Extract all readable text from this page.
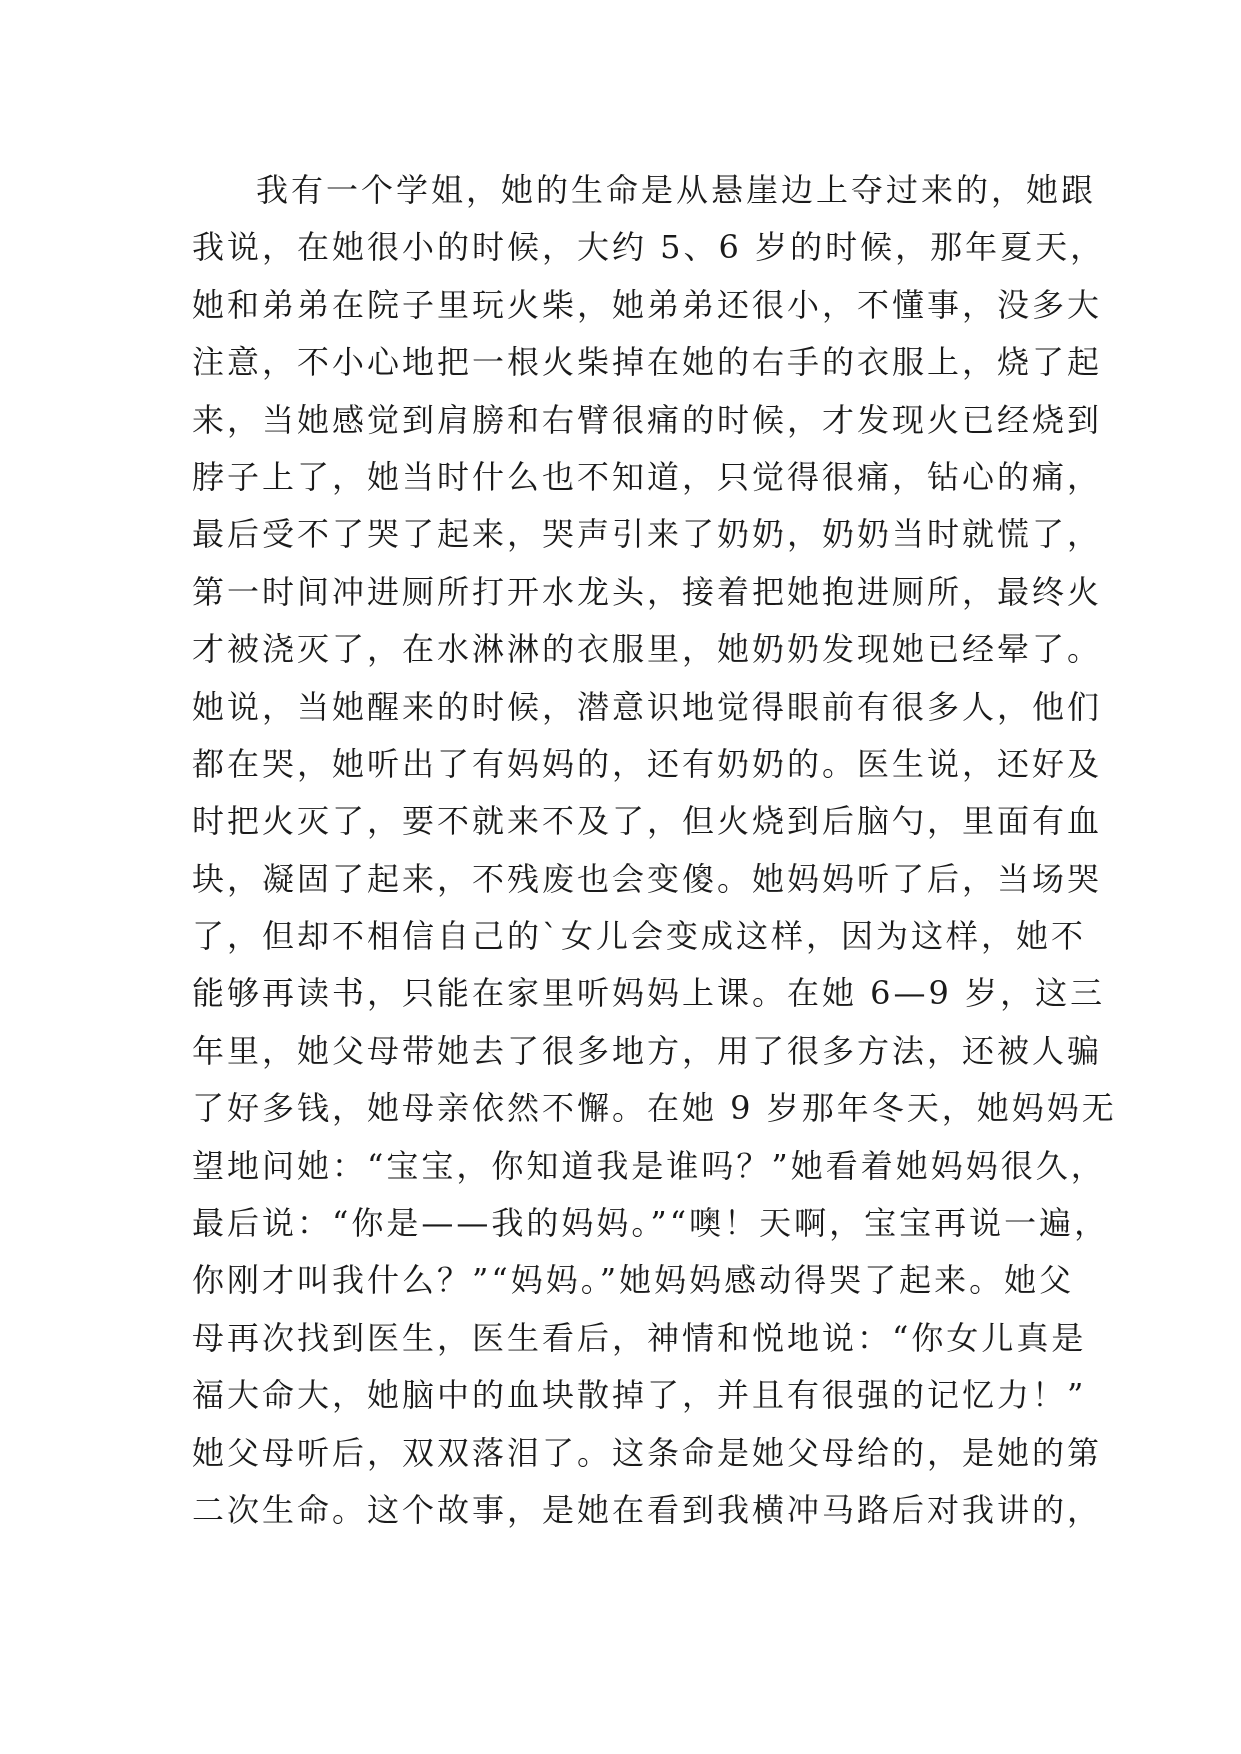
我有一个学姐，她的生命是从悬崖边上夺过来的，她跟
我说，在她很小的时候，大约 5、6 岁的时候，那年夏天，
她和弟弟在院子里玩火柴，她弟弟还很小，不懂事，没多大
注意，不小心地把一根火柴掉在她的右手的衣服上，烧了起
来，当她感觉到肩膀和右臂很痛的时候，才发现火已经烧到
脖子上了，她当时什么也不知道，只觉得很痛，钻心的痛，
最后受不了哭了起来，哭声引来了奶奶，奶奶当时就慌了，
第一时间冲进厕所打开水龙头，接着把她抱进厕所，最终火
才被浇灭了，在水淋淋的衣服里，她奶奶发现她已经晕了。
她说，当她醒来的时候，潜意识地觉得眼前有很多人，他们
都在哭，她听出了有妈妈的，还有奶奶的。医生说，还好及
时把火灭了，要不就来不及了，但火烧到后脑勺，里面有血
块，凝固了起来，不残废也会变傻。她妈妈听了后，当场哭
了，但却不相信自己的`女儿会变成这样，因为这样，她不
能够再读书，只能在家里听妈妈上课。在她 6—9 岁，这三
年里，她父母带她去了很多地方，用了很多方法，还被人骗
了好多钱，她母亲依然不懈。在她 9 岁那年冬天，她妈妈无
望地问她：“宝宝，你知道我是谁吗？”她看着她妈妈很久，
最后说：“你是——我的妈妈。”“噢！天啊，宝宝再说一遍，
你刚才叫我什么？”“妈妈。”她妈妈感动得哭了起来。她父
母再次找到医生，医生看后，神情和悦地说：“你女儿真是
福大命大，她脑中的血块散掉了，并且有很强的记忆力！”
她父母听后，双双落泪了。这条命是她父母给的，是她的第
二次生命。这个故事，是她在看到我横冲马路后对我讲的，
